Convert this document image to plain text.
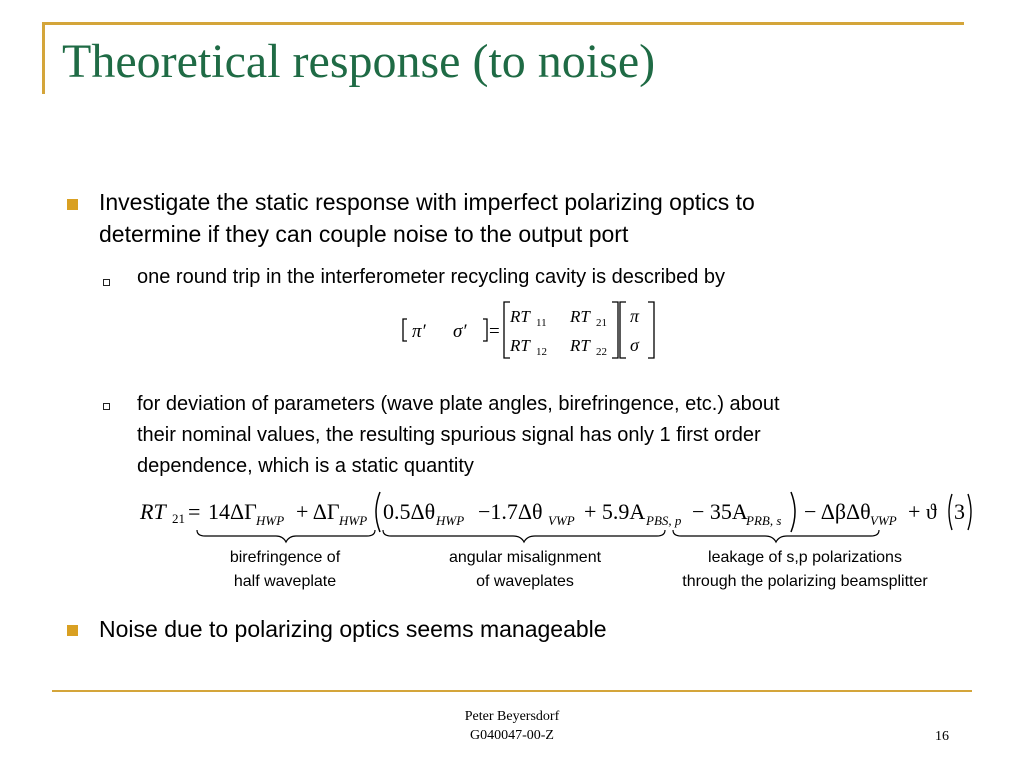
Theoretical response (to noise)
Investigate the static response with imperfect polarizing optics to
determine if they can couple noise to the output port
one round trip in the interferometer recycling cavity is described by
π′ σ′ =
RT 11 RT 21
RT 12 RT 22
π
σ
for deviation of parameters (wave plate angles, birefringence, etc.) about
their nominal values, the resulting spurious signal has only 1 first order
dependence, which is a static quantity
RT 21 = 14ΔΓ HWP + ΔΓ HWP 0.5Δθ HWP −1.7Δθ VWP + 5.9A PBS, p − 35A
PRB, s − ΔβΔθ VWP + ϑ 3
birefringence of
half waveplate
angular misalignment
of waveplates
leakage of s,p polarizations
through the polarizing beamsplitter
Noise due to polarizing optics seems manageable
Peter Beyersdorf
G040047-00-Z	16
